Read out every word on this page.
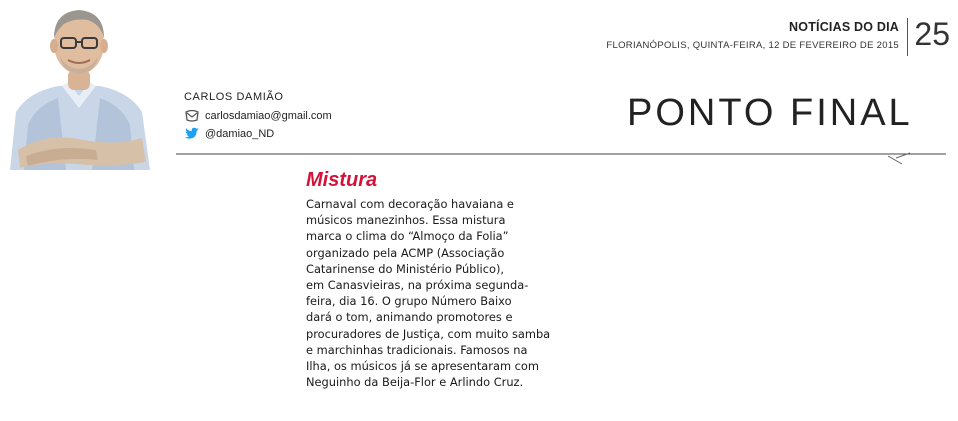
NOTÍCIAS DO DIA
FLORIANÓPOLIS, QUINTA-FEIRA, 12 DE FEVEREIRO DE 2015 25
CARLOS DAMIÃO
carlosdamiao@gmail.com
@damiao_ND	PONTO FINAL
Mistura

Carnaval com decoração havaiana e
músicos manezinhos. Essa mistura
marca o clima do “Almoço da Folia”
organizado pela ACMP (Associação
Catarinense do Ministério Público),
em Canasvieiras, na próxima segunda-
feira, dia 16. O grupo Número Baixo
dará o tom, animando promotores e
procuradores de Justiça, com muito samba
e marchinhas tradicionais. Famosos na
Ilha, os músicos já se apresentaram com
Neguinho da Beija-Flor e Arlindo Cruz.
